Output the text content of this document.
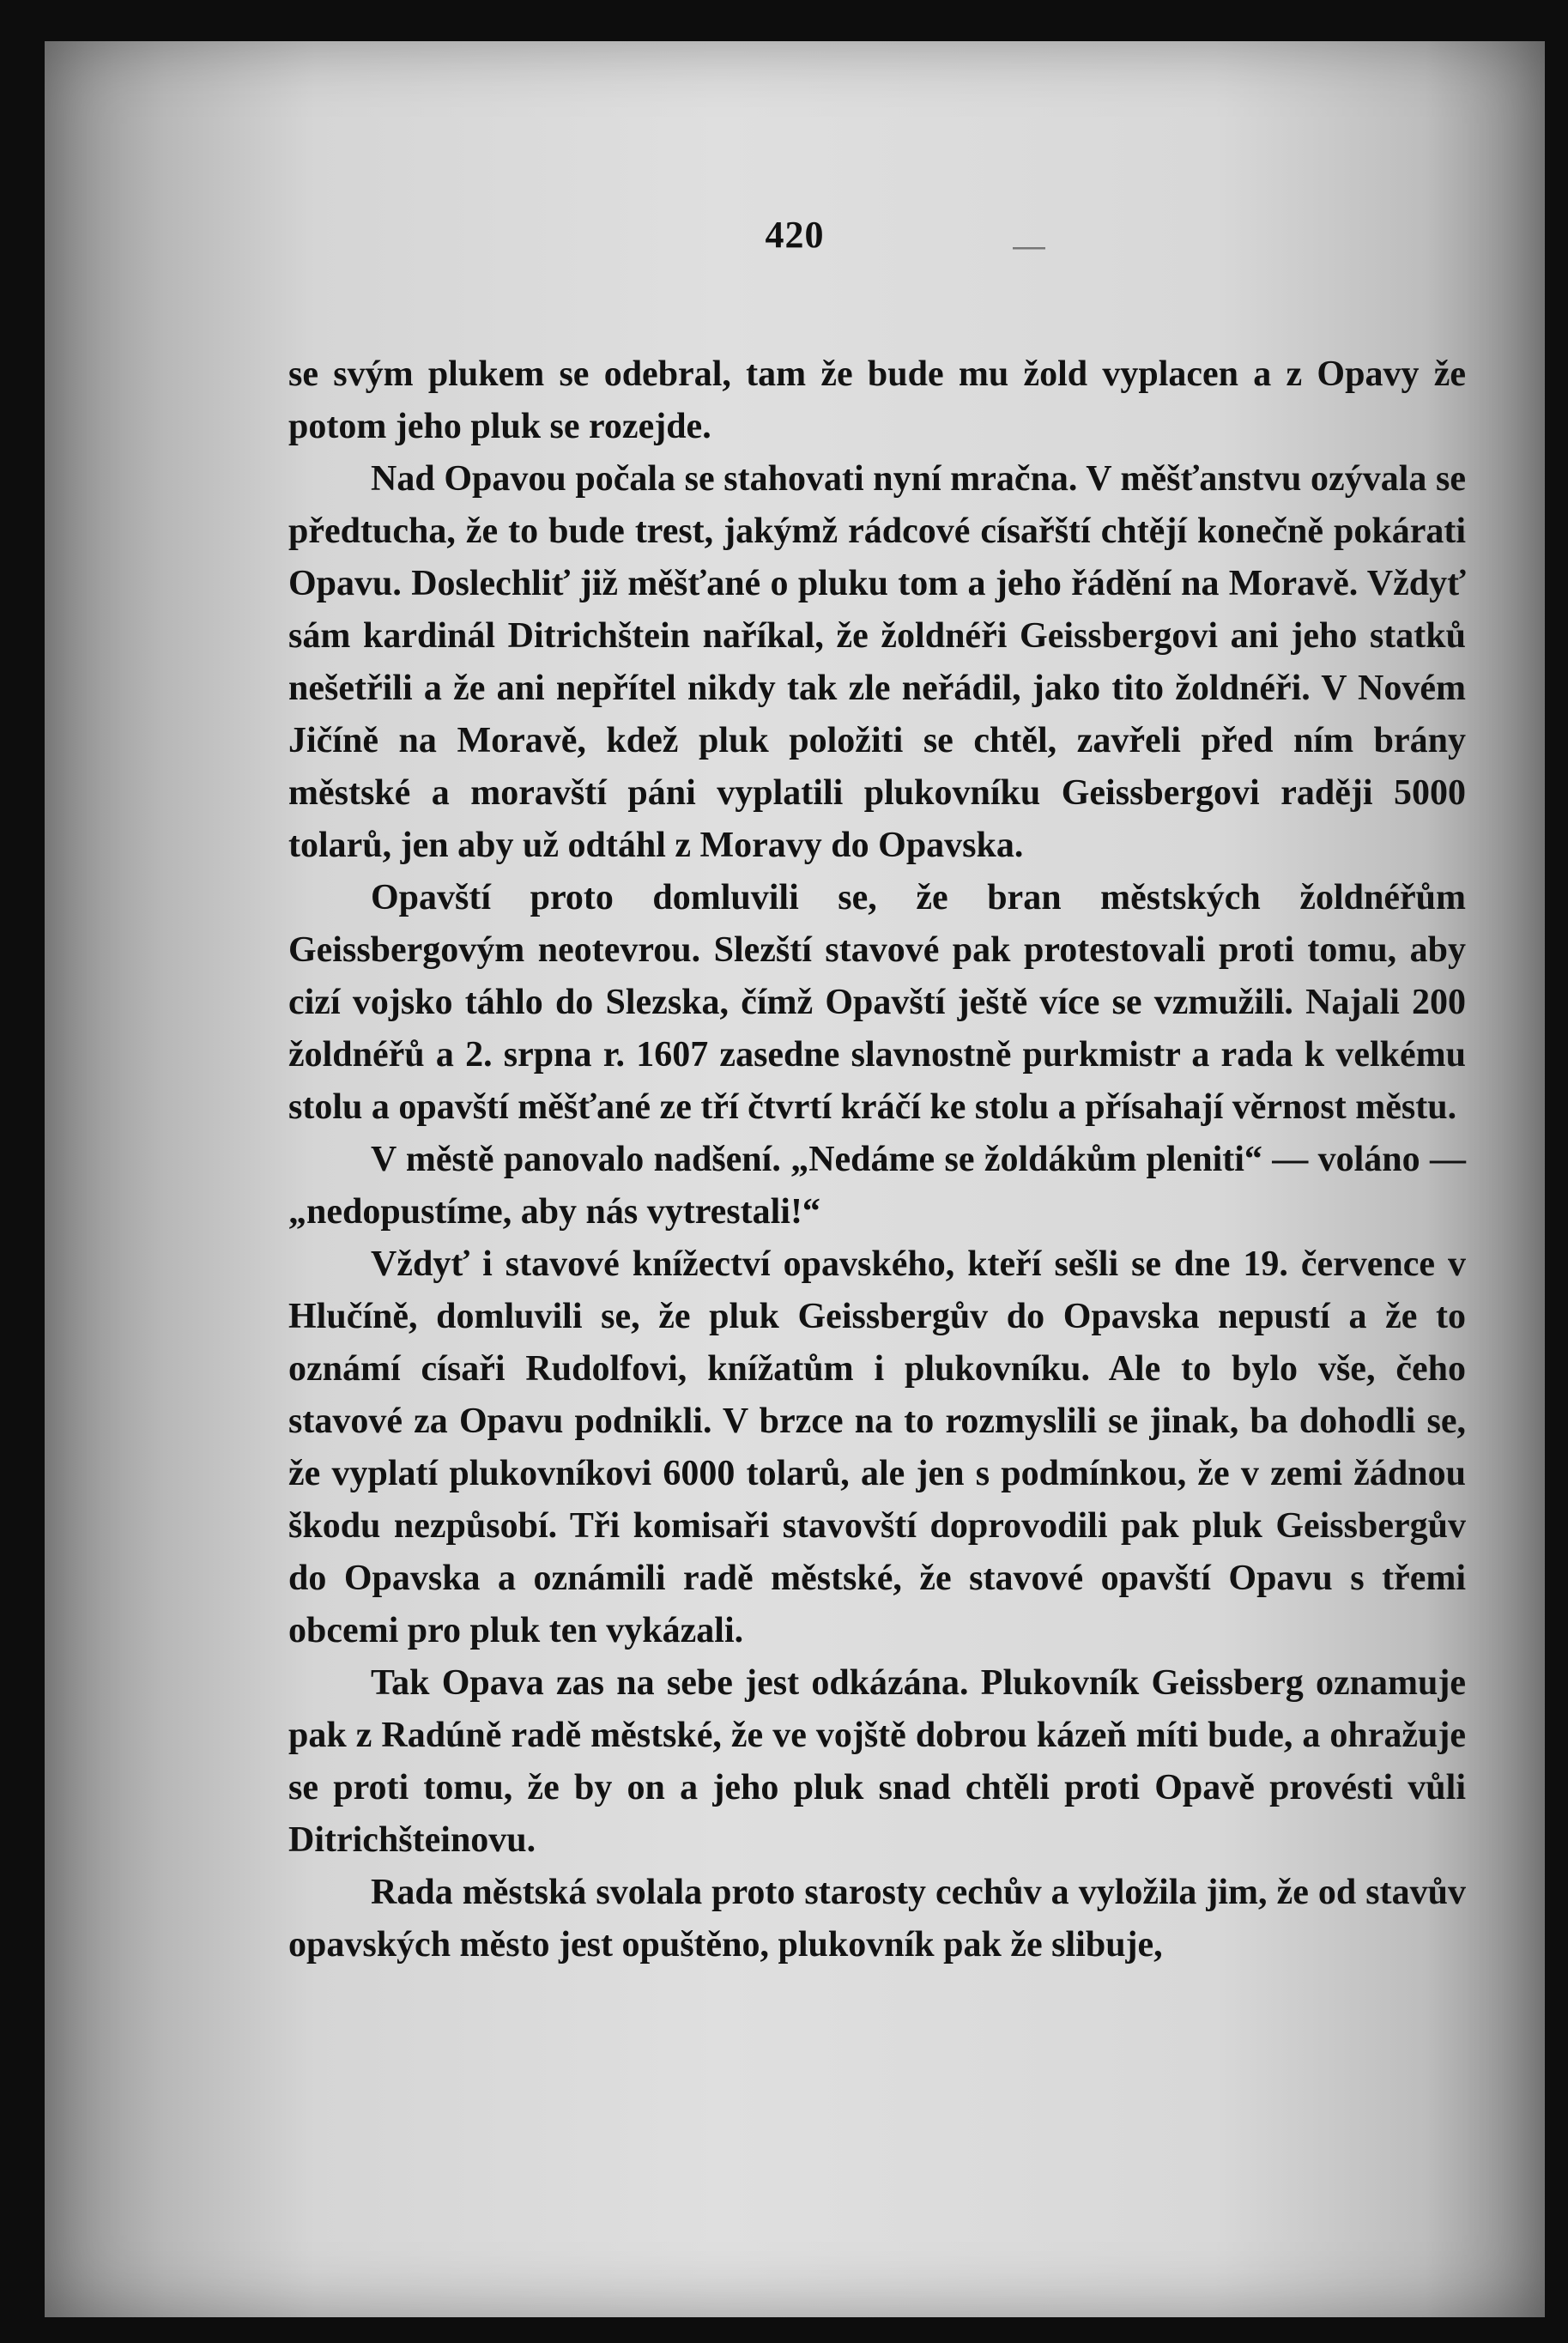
420

se svým plukem se odebral, tam že bude mu žold vyplacen a z Opavy že potom jeho pluk se rozejde.

Nad Opavou počala se stahovati nyní mračna. V měšťanstvu ozývala se předtucha, že to bude trest, jakýmž rádcové císařští chtějí konečně pokárati Opavu. Doslechliť již měšťané o pluku tom a jeho řádění na Moravě. Vždyť sám kardinál Ditrichštein naříkal, že žoldnéři Geissbergovi ani jeho statků nešetřili a že ani nepřítel nikdy tak zle neřádil, jako tito žoldnéři. V Novém Jičíně na Moravě, kdež pluk položiti se chtěl, zavřeli před ním brány městské a moravští páni vyplatili plukovníku Geissbergovi raději 5000 tolarů, jen aby už odtáhl z Moravy do Opavska.

Opavští proto domluvili se, že bran městských žoldnéřům Geissbergovým neotevrou. Slezští stavové pak protestovali proti tomu, aby cizí vojsko táhlo do Slezska, čímž Opavští ještě více se vzmužili. Najali 200 žoldnéřů a 2. srpna r. 1607 zasedne slavnostně purkmistr a rada k velkému stolu a opavští měšťané ze tří čtvrtí kráčí ke stolu a přísahají věrnost městu.

V městě panovalo nadšení. „Nedáme se žoldákům pleniti“ — voláno — „nedopustíme, aby nás vytrestali!“

Vždyť i stavové knížectví opavského, kteří sešli se dne 19. července v Hlučíně, domluvili se, že pluk Geissbergův do Opavska nepustí a že to oznámí císaři Rudolfovi, knížatům i plukovníku. Ale to bylo vše, čeho stavové za Opavu podnikli. V brzce na to rozmyslili se jinak, ba dohodli se, že vyplatí plukovníkovi 6000 tolarů, ale jen s podmínkou, že v zemi žádnou škodu nezpůsobí. Tři komisaři stavovští doprovodili pak pluk Geissbergův do Opavska a oznámili radě městské, že stavové opavští Opavu s třemi obcemi pro pluk ten vykázali.

Tak Opava zas na sebe jest odkázána. Plukovník Geissberg oznamuje pak z Radúně radě městské, že ve vojště dobrou kázeň míti bude, a ohražuje se proti tomu, že by on a jeho pluk snad chtěli proti Opavě provésti vůli Ditrichšteinovu.

Rada městská svolala proto starosty cechův a vyložila jim, že od stavův opavských město jest opuštěno, plukovník pak že slibuje,

—
